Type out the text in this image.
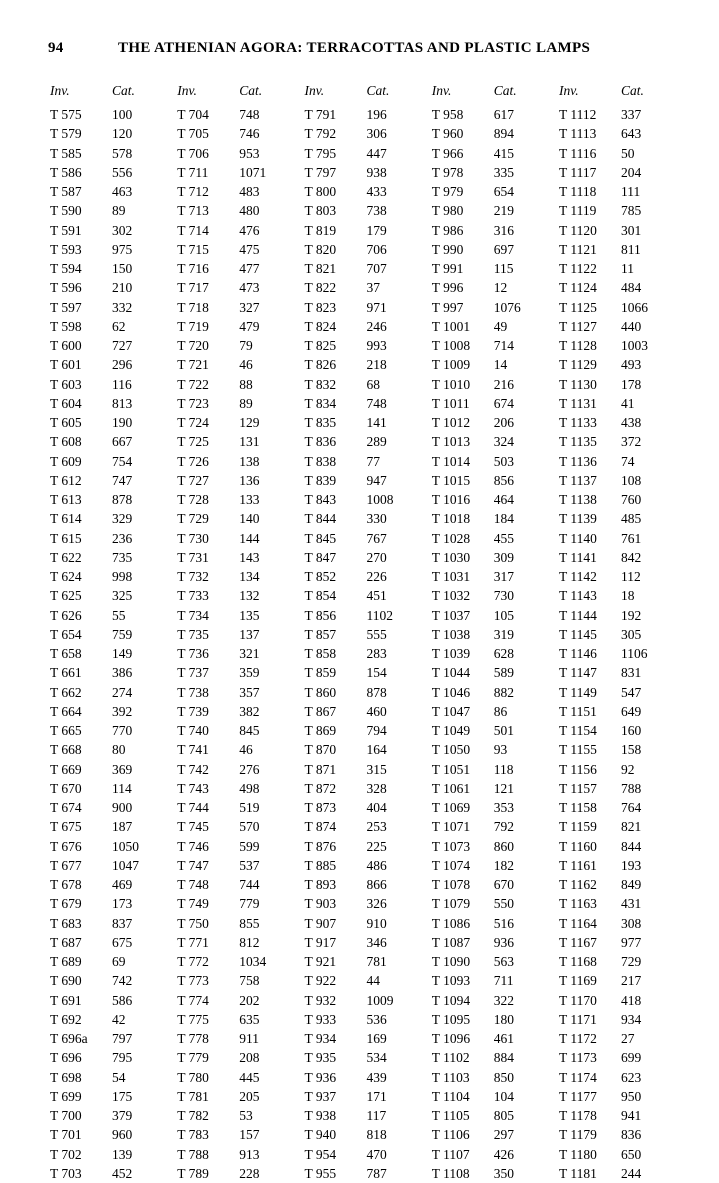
94	THE ATHENIAN AGORA: TERRACOTTAS AND PLASTIC LAMPS
Inv.	Cat.
T 575	100
T 579	120
T 585	578
T 586	556
T 587	463
T 590	89
T 591	302
T 593	975
T 594	150
T 596	210
T 597	332
T 598	62
T 600	727
T 601	296
T 603	116
T 604	813
T 605	190
T 608	667
T 609	754
T 612	747
T 613	878
T 614	329
T 615	236
T 622	735
T 624	998
T 625	325
T 626	55
T 654	759
T 658	149
T 661	386
T 662	274
T 664	392
T 665	770
T 668	80
T 669	369
T 670	114
T 674	900
T 675	187
T 676	1050
T 677	1047
T 678	469
T 679	173
T 683	837
T 687	675
T 689	69
T 690	742
T 691	586
T 692	42
T 696a	797
T 696	795
T 698	54
T 699	175
T 700	379
T 701	960
T 702	139
T 703	452
Inv.	Cat.
T 704	748
T 705	746
T 706	953
T 711	1071
T 712	483
T 713	480
T 714	476
T 715	475
T 716	477
T 717	473
T 718	327
T 719	479
T 720	79
T 721	46
T 722	88
T 723	89
T 724	129
T 725	131
T 726	138
T 727	136
T 728	133
T 729	140
T 730	144
T 731	143
T 732	134
T 733	132
T 734	135
T 735	137
T 736	321
T 737	359
T 738	357
T 739	382
T 740	845
T 741	46
T 742	276
T 743	498
T 744	519
T 745	570
T 746	599
T 747	537
T 748	744
T 749	779
T 750	855
T 771	812
T 772	1034
T 773	758
T 774	202
T 775	635
T 778	911
T 779	208
T 780	445
T 781	205
T 782	53
T 783	157
T 788	913
T 789	228
Inv.	Cat.
T 791	196
T 792	306
T 795	447
T 797	938
T 800	433
T 803	738
T 819	179
T 820	706
T 821	707
T 822	37
T 823	971
T 824	246
T 825	993
T 826	218
T 832	68
T 834	748
T 835	141
T 836	289
T 838	77
T 839	947
T 843	1008
T 844	330
T 845	767
T 847	270
T 852	226
T 854	451
T 856	1102
T 857	555
T 858	283
T 859	154
T 860	878
T 867	460
T 869	794
T 870	164
T 871	315
T 872	328
T 873	404
T 874	253
T 876	225
T 885	486
T 893	866
T 903	326
T 907	910
T 917	346
T 921	781
T 922	44
T 932	1009
T 933	536
T 934	169
T 935	534
T 936	439
T 937	171
T 938	117
T 940	818
T 954	470
T 955	787
Inv.	Cat.
T 958	617
T 960	894
T 966	415
T 978	335
T 979	654
T 980	219
T 986	316
T 990	697
T 991	115
T 996	12
T 997	1076
T 1001	49
T 1008	714
T 1009	14
T 1010	216
T 1011	674
T 1012	206
T 1013	324
T 1014	503
T 1015	856
T 1016	464
T 1018	184
T 1028	455
T 1030	309
T 1031	317
T 1032	730
T 1037	105
T 1038	319
T 1039	628
T 1044	589
T 1046	882
T 1047	86
T 1049	501
T 1050	93
T 1051	118
T 1061	121
T 1069	353
T 1071	792
T 1073	860
T 1074	182
T 1078	670
T 1079	550
T 1086	516
T 1087	936
T 1090	563
T 1093	711
T 1094	322
T 1095	180
T 1096	461
T 1102	884
T 1103	850
T 1104	104
T 1105	805
T 1106	297
T 1107	426
T 1108	350
Inv.	Cat.
T 1112	337
T 1113	643
T 1116	50
T 1117	204
T 1118	111
T 1119	785
T 1120	301
T 1121	811
T 1122	11
T 1124	484
T 1125	1066
T 1127	440
T 1128	1003
T 1129	493
T 1130	178
T 1131	41
T 1133	438
T 1135	372
T 1136	74
T 1137	108
T 1138	760
T 1139	485
T 1140	761
T 1141	842
T 1142	112
T 1143	18
T 1144	192
T 1145	305
T 1146	1106
T 1147	831
T 1149	547
T 1151	649
T 1154	160
T 1155	158
T 1156	92
T 1157	788
T 1158	764
T 1159	821
T 1160	844
T 1161	193
T 1162	849
T 1163	431
T 1164	308
T 1167	977
T 1168	729
T 1169	217
T 1170	418
T 1171	934
T 1172	27
T 1173	699
T 1174	623
T 1177	950
T 1178	941
T 1179	836
T 1180	650
T 1181	244
